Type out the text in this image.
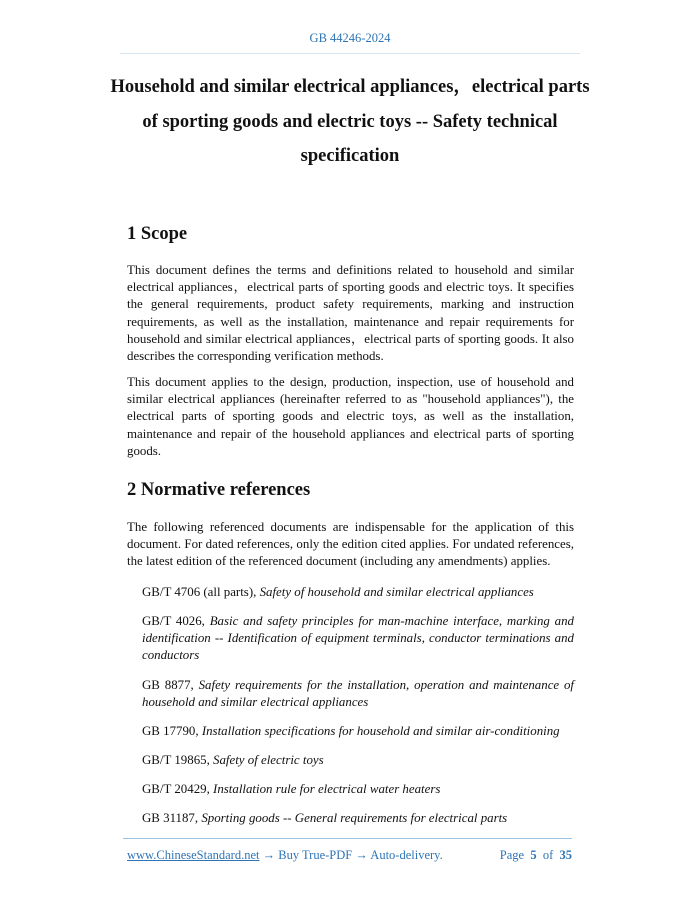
GB 44246-2024
Household and similar electrical appliances，electrical parts
of sporting goods and electric toys -- Safety technical
specification
1 Scope

This document defines the terms and definitions related to household and similar electrical appliances，electrical parts of sporting goods and electric toys. It specifies the general requirements, product safety requirements, marking and instruction requirements, as well as the installation, maintenance and repair requirements for household and similar electrical appliances，electrical parts of sporting goods. It also describes the corresponding verification methods.

This document applies to the design, production, inspection, use of household and similar electrical appliances (hereinafter referred to as "household appliances"), the electrical parts of sporting goods and electric toys, as well as the installation, maintenance and repair of the household appliances and electrical parts of sporting goods.

2 Normative references

The following referenced documents are indispensable for the application of this document. For dated references, only the edition cited applies. For undated references, the latest edition of the referenced document (including any amendments) applies.

GB/T 4706 (all parts), Safety of household and similar electrical appliances

GB/T 4026, Basic and safety principles for man-machine interface, marking and identification -- Identification of equipment terminals, conductor terminations and conductors

GB 8877, Safety requirements for the installation, operation and maintenance of household and similar electrical appliances

GB 17790, Installation specifications for household and similar air-conditioning

GB/T 19865, Safety of electric toys

GB/T 20429, Installation rule for electrical water heaters

GB 31187, Sporting goods -- General requirements for electrical parts

www.ChineseStandard.net → Buy True-PDF → Auto-delivery.	Page 5 of 35
